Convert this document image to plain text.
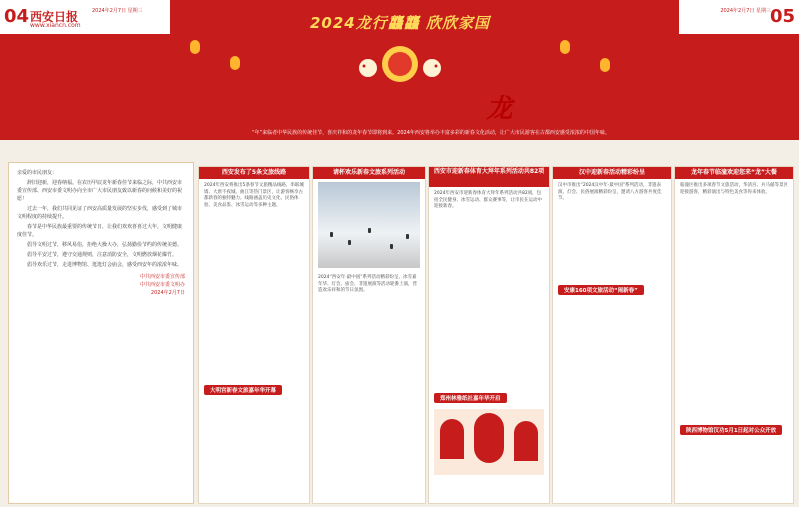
04 西安日报
www.xiancn.com
2024年2月7日 星期三	05
2024年2月7日 星期三
2024龙行龘龘 欣欣家国
万千盛景 长安繁华 我们一起共度龙年春节
“年”来临者中华民族的传统佳节，喜庆祥和的龙年春节即将到来。2024年西安将举办丰富多彩的新春文化活动，让广大市民游客在古都西安感受浓浓的中国年味。
西安市委宣传部 西安市委文明办
致广大市民朋友的一封信

亲爱的市民朋友：

辞旧迎新，迎春纳福。在农历甲辰龙年新春佳节来临之际，中共西安市委宣传部、西安市委文明办向全市广大市民朋友致以新春的问候和美好的祝愿！

过去一年，我们共同见证了西安高质量发展的坚实步伐，感受到了城市文明程度的持续提升。

春节是中华民族最重要的传统节日，让我们欢欢喜喜过大年，文明健康度佳节。

倡导文明过节，移风易俗，拒绝大操大办，弘扬勤俭节约的传统美德。

倡导平安过节，遵守交通规则，注意消防安全，文明燃放烟花爆竹。

倡导欢乐过节，走进博物馆、逛逛灯会庙会，感受西安年的浓浓年味。

中共西安市委宣传部
中共西安市委文明办
2024年2月7日
西安发布了5条文旅线路
2024年西安将推出5条春节文旅精品线路，串联城墙、大唐不夜城、曲江等热门景区，让游客畅享古都新春的独特魅力。线路涵盖历史文化、民俗体验、美食品鉴、冰雪运动等多种主题。
大明宫新春文旅嘉年华开幕
请杯欢乐新春文旅系列活动
2024“西安年·最中国”系列活动精彩纷呈，冰雪嘉年华、灯会、庙会、非遗展演等活动轮番上演，营造欢乐祥和的节日氛围。
西安市迎新春体育大拜年系列活动共82项
2024年西安市迎新春体育大拜年系列活动共82项，包括全民健身、冰雪运动、群众赛事等，让市民在运动中迎接新春。
郑州林雅纸社嘉年华开启
汉中迎新春活动精彩纷呈
汉中市推出“2024汉中年·最中国”系列活动，非遗表演、灯会、民俗展演精彩纷呈，邀请八方游客共度佳节。
安康160项文旅活动“闹新春”
龙年春节临潼欢迎您来“龙”大餐
临潼区推出多项春节文旅活动，华清宫、兵马俑等景区迎接游客，精彩演出与特色美食等你来体验。
陕西博物馆汉功5月1日起对公众开放
